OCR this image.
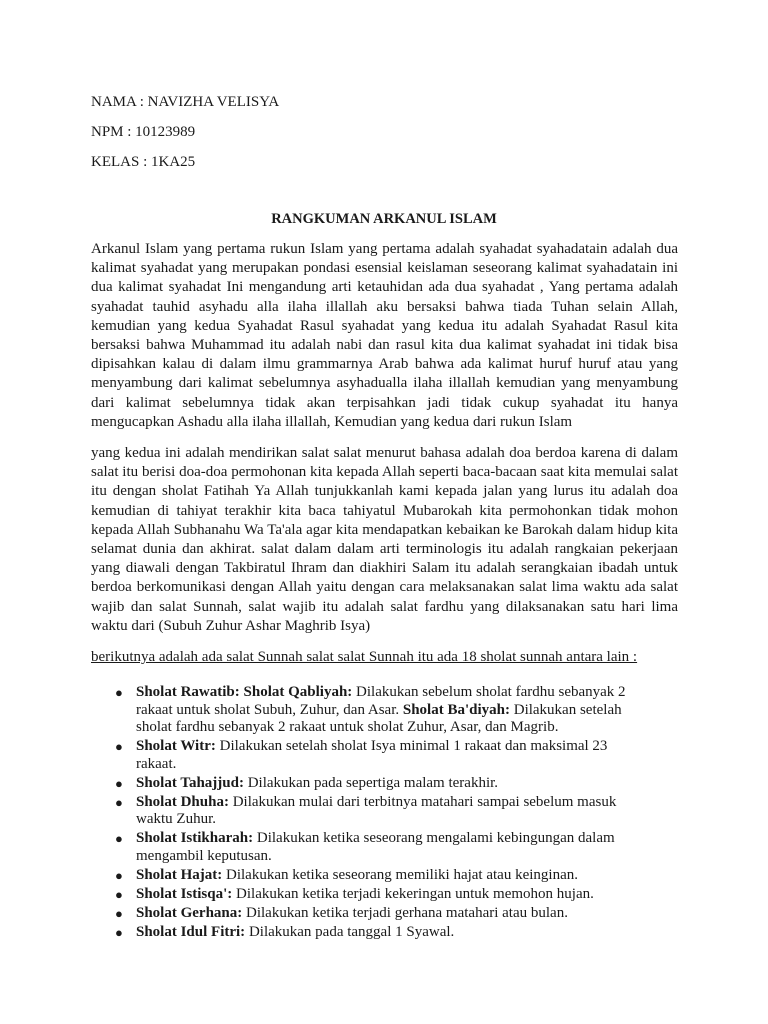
NAMA : NAVIZHA VELISYA
NPM : 10123989
KELAS : 1KA25
RANGKUMAN ARKANUL ISLAM

Arkanul Islam yang pertama rukun Islam yang pertama adalah syahadat syahadatain adalah dua kalimat syahadat yang merupakan pondasi esensial keislaman seseorang kalimat syahadatain ini dua kalimat syahadat Ini mengandung arti ketauhidan ada dua syahadat , Yang pertama adalah syahadat tauhid asyhadu alla ilaha illallah aku bersaksi bahwa tiada Tuhan selain Allah, kemudian yang kedua Syahadat Rasul syahadat yang kedua itu adalah Syahadat Rasul kita bersaksi bahwa Muhammad itu adalah nabi dan rasul kita dua kalimat syahadat ini tidak bisa dipisahkan kalau di dalam ilmu grammarnya Arab bahwa ada kalimat huruf huruf atau yang menyambung dari kalimat sebelumnya asyhadualla ilaha illallah kemudian yang menyambung dari kalimat sebelumnya tidak akan terpisahkan jadi tidak cukup syahadat itu hanya mengucapkan Ashadu alla ilaha illallah, Kemudian yang kedua dari rukun Islam

yang kedua ini adalah mendirikan salat salat menurut bahasa adalah doa berdoa karena di dalam salat itu berisi doa-doa permohonan kita kepada Allah seperti baca-bacaan saat kita memulai salat itu dengan sholat Fatihah Ya Allah tunjukkanlah kami kepada jalan yang lurus itu adalah doa kemudian di tahiyat terakhir kita baca tahiyatul Mubarokah kita permohonkan tidak mohon kepada Allah Subhanahu Wa Ta'ala agar kita mendapatkan kebaikan ke Barokah dalam hidup kita selamat dunia dan akhirat. salat dalam dalam arti terminologis itu adalah rangkaian pekerjaan yang diawali dengan Takbiratul Ihram dan diakhiri Salam itu adalah serangkaian ibadah untuk berdoa berkomunikasi dengan Allah yaitu dengan cara melaksanakan salat lima waktu ada salat wajib dan salat Sunnah, salat wajib itu adalah salat fardhu yang dilaksanakan satu hari lima waktu dari (Subuh Zuhur Ashar Maghrib Isya)

berikutnya adalah ada salat Sunnah salat salat Sunnah itu ada 18 sholat sunnah antara lain :

● Sholat Rawatib: Sholat Qabliyah: Dilakukan sebelum sholat fardhu sebanyak 2 rakaat untuk sholat Subuh, Zuhur, dan Asar. Sholat Ba'diyah: Dilakukan setelah sholat fardhu sebanyak 2 rakaat untuk sholat Zuhur, Asar, dan Magrib.
● Sholat Witr: Dilakukan setelah sholat Isya minimal 1 rakaat dan maksimal 23 rakaat.
● Sholat Tahajjud: Dilakukan pada sepertiga malam terakhir.
● Sholat Dhuha: Dilakukan mulai dari terbitnya matahari sampai sebelum masuk waktu Zuhur.
● Sholat Istikharah: Dilakukan ketika seseorang mengalami kebingungan dalam mengambil keputusan.
● Sholat Hajat: Dilakukan ketika seseorang memiliki hajat atau keinginan.
● Sholat Istisqa': Dilakukan ketika terjadi kekeringan untuk memohon hujan.
● Sholat Gerhana: Dilakukan ketika terjadi gerhana matahari atau bulan.
● Sholat Idul Fitri: Dilakukan pada tanggal 1 Syawal.
